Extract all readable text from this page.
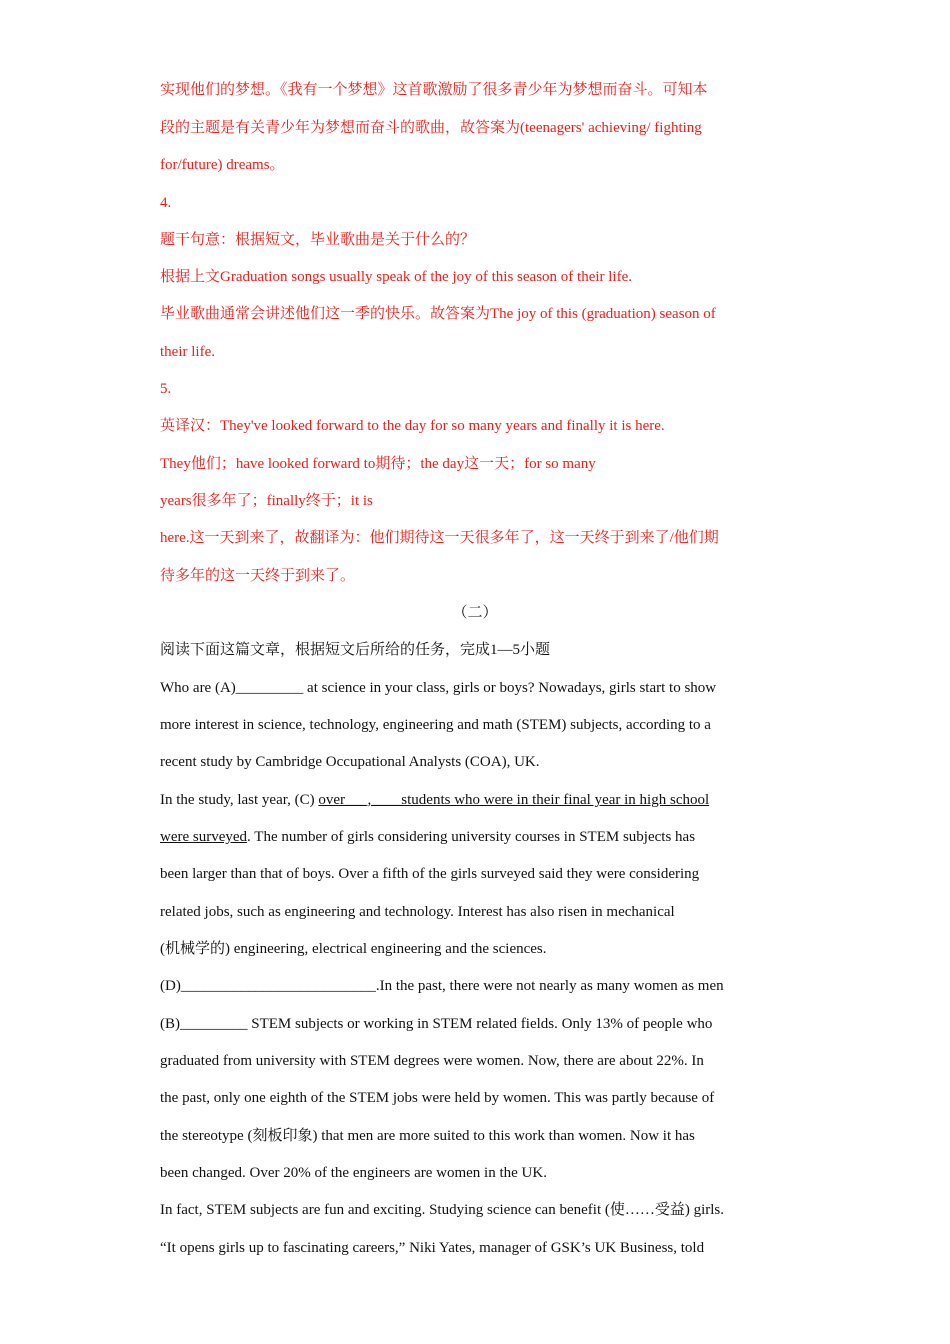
实现他们的梦想。《我有一个梦想》这首歌激励了很多青少年为梦想而奋斗。可知本
段的主题是有关青少年为梦想而奋斗的歌曲，故答案为(teenagers' achieving/ fighting
for/future) dreams。
4.
题干句意：根据短文，毕业歌曲是关于什么的？
根据上文Graduation songs usually speak of the joy of this season of their life.
毕业歌曲通常会讲述他们这一季的快乐。故答案为The joy of this (graduation) season of
their life.
5.
英译汉：They've looked forward to the day for so many years and finally it is here.
They他们；have looked forward to期待；the day这一天；for so many
years很多年了；finally终于；it is
here.这一天到来了，故翻译为：他们期待这一天很多年了，这一天终于到来了/他们期
待多年的这一天终于到来了。
（二）
阅读下面这篇文章，根据短文后所给的任务，完成1—5小题
Who are (A)_________ at science in your class, girls or boys? Nowadays, girls start to show
more interest in science, technology, engineering and math (STEM) subjects, according to a
recent study by Cambridge Occupational Analysts (COA), UK.
In the study, last year, (C) over___,____students who were in their final year in high school
were surveyed. The number of girls considering university courses in STEM subjects has
been larger than that of boys. Over a fifth of the girls surveyed said they were considering
related jobs, such as engineering and technology. Interest has also risen in mechanical
(机械学的) engineering, electrical engineering and the sciences.
(D)__________________________.In the past, there were not nearly as many women as men
(B)_________ STEM subjects or working in STEM related fields. Only 13% of people who
graduated from university with STEM degrees were women. Now, there are about 22%. In
the past, only one eighth of the STEM jobs were held by women. This was partly because of
the stereotype (刻板印象) that men are more suited to this work than women. Now it has
been changed. Over 20% of the engineers are women in the UK.
In fact, STEM subjects are fun and exciting. Studying science can benefit (使……受益) girls.
“It opens girls up to fascinating careers,” Niki Yates, manager of GSK’s UK Business, told
